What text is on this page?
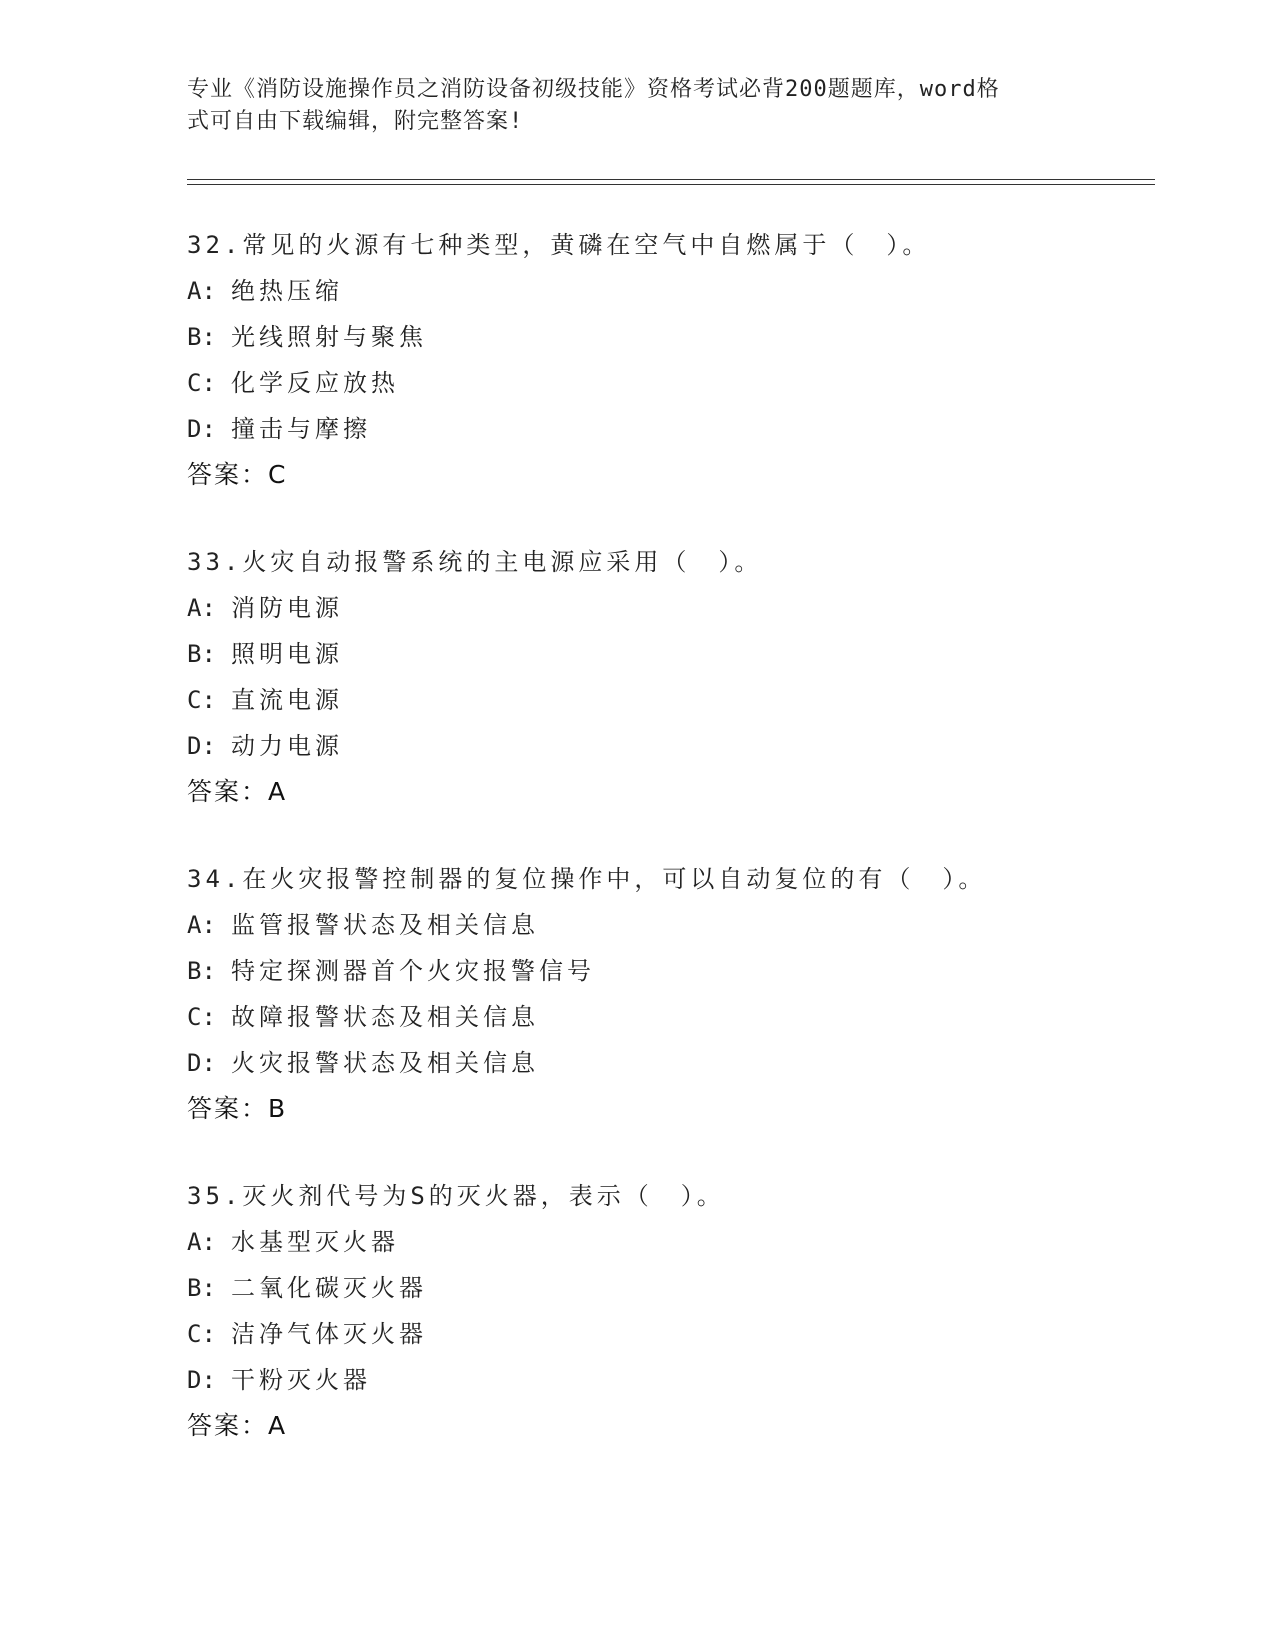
专业《消防设施操作员之消防设备初级技能》资格考试必背200题题库，word格
式可自由下载编辑，附完整答案!
32.常见的火源有七种类型，黄磷在空气中自燃属于（　）。
A: 绝热压缩
B: 光线照射与聚焦
C: 化学反应放热
D: 撞击与摩擦
答案：C
33.火灾自动报警系统的主电源应采用（　）。
A: 消防电源
B: 照明电源
C: 直流电源
D: 动力电源
答案：A
34.在火灾报警控制器的复位操作中，可以自动复位的有（　）。
A: 监管报警状态及相关信息
B: 特定探测器首个火灾报警信号
C: 故障报警状态及相关信息
D: 火灾报警状态及相关信息
答案：B
35.灭火剂代号为S的灭火器，表示（　）。
A: 水基型灭火器
B: 二氧化碳灭火器
C: 洁净气体灭火器
D: 干粉灭火器
答案：A
